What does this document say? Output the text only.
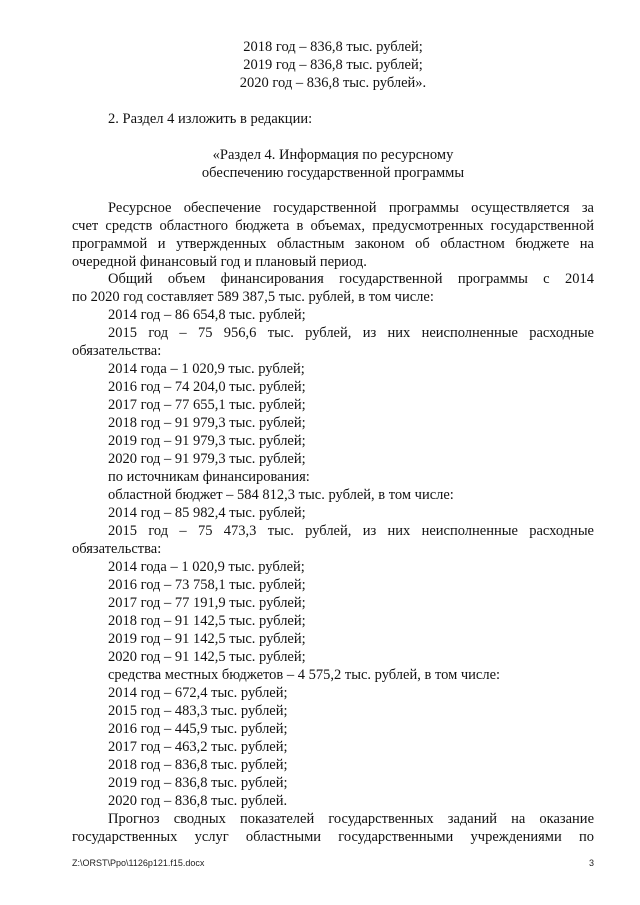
2018 год – 836,8 тыс. рублей;
2019 год – 836,8 тыс. рублей;
2020 год – 836,8 тыс. рублей».
2. Раздел 4 изложить в редакции:
«Раздел 4. Информация по ресурсному
обеспечению государственной программы
Ресурсное обеспечение государственной программы осуществляется за
счет средств областного бюджета в объемах, предусмотренных государственной
программой и утвержденных областным законом об областном бюджете на
очередной финансовый год и плановый период.
Общий объем финансирования государственной программы с 2014
по 2020 год составляет 589 387,5 тыс. рублей, в том числе:
2014 год – 86 654,8 тыс. рублей;
2015 год – 75 956,6 тыс. рублей, из них неисполненные расходные
обязательства:
2014 года – 1 020,9 тыс. рублей;
2016 год – 74 204,0 тыс. рублей;
2017 год – 77 655,1 тыс. рублей;
2018 год – 91 979,3 тыс. рублей;
2019 год – 91 979,3 тыс. рублей;
2020 год – 91 979,3 тыс. рублей;
по источникам финансирования:
областной бюджет – 584 812,3 тыс. рублей, в том числе:
2014 год – 85 982,4 тыс. рублей;
2015 год – 75 473,3 тыс. рублей, из них неисполненные расходные
обязательства:
2014 года – 1 020,9 тыс. рублей;
2016 год – 73 758,1 тыс. рублей;
2017 год – 77 191,9 тыс. рублей;
2018 год – 91 142,5 тыс. рублей;
2019 год – 91 142,5 тыс. рублей;
2020 год – 91 142,5 тыс. рублей;
средства местных бюджетов – 4 575,2 тыс. рублей, в том числе:
2014 год – 672,4 тыс. рублей;
2015 год – 483,3 тыс. рублей;
2016 год – 445,9 тыс. рублей;
2017 год – 463,2 тыс. рублей;
2018 год – 836,8 тыс. рублей;
2019 год – 836,8 тыс. рублей;
2020 год – 836,8 тыс. рублей.
Прогноз сводных показателей государственных заданий на оказание
государственных услуг областными государственными учреждениями по
Z:\ORST\Ppo\1126p121.f15.docx	3
